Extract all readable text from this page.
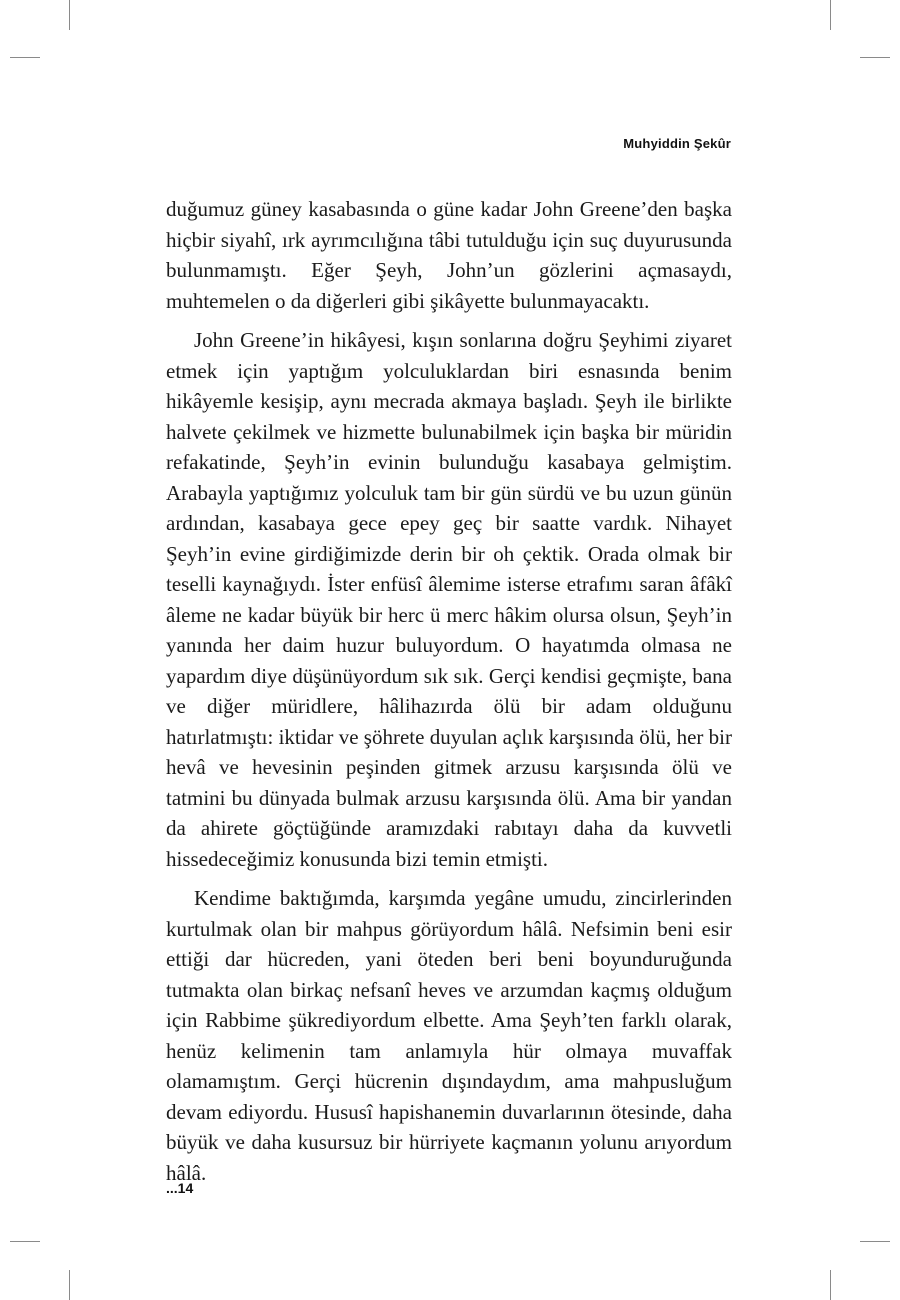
Muhyiddin Şekûr

duğumuz güney kasabasında o güne kadar John Greene’den başka hiçbir siyahî, ırk ayrımcılığına tâbi tutulduğu için suç duyurusunda bulunmamıştı. Eğer Şeyh, John’un gözlerini açmasaydı, muhtemelen o da diğerleri gibi şikâyette bulunmayacaktı.

John Greene’in hikâyesi, kışın sonlarına doğru Şeyhimi ziyaret etmek için yaptığım yolculuklardan biri esnasında benim hikâyemle kesişip, aynı mecrada akmaya başladı. Şeyh ile birlikte halvete çekilmek ve hizmette bulunabilmek için başka bir müridin refakatinde, Şeyh’in evinin bulunduğu kasabaya gelmiştim. Arabayla yaptığımız yolculuk tam bir gün sürdü ve bu uzun günün ardından, kasabaya gece epey geç bir saatte vardık. Nihayet Şeyh’in evine girdiğimizde derin bir oh çektik. Orada olmak bir teselli kaynağıydı. İster enfüsî âlemime isterse etrafımı saran âfâkî âleme ne kadar büyük bir herc ü merc hâkim olursa olsun, Şeyh’in yanında her daim huzur buluyordum. O hayatımda olmasa ne yapardım diye düşünüyordum sık sık. Gerçi kendisi geçmişte, bana ve diğer müridlere, hâlihazırda ölü bir adam olduğunu hatırlatmıştı: iktidar ve şöhrete duyulan açlık karşısında ölü, her bir hevâ ve hevesinin peşinden gitmek arzusu karşısında ölü ve tatmini bu dünyada bulmak arzusu karşısında ölü. Ama bir yandan da ahirete göçtüğünde aramızdaki rabıtayı daha da kuvvetli hissedeceğimiz konusunda bizi temin etmişti.

Kendime baktığımda, karşımda yegâne umudu, zincirlerinden kurtulmak olan bir mahpus görüyordum hâlâ. Nefsimin beni esir ettiği dar hücreden, yani öteden beri beni boyunduruğunda tutmakta olan birkaç nefsanî heves ve arzumdan kaçmış olduğum için Rabbime şükrediyordum elbette. Ama Şeyh’ten farklı olarak, henüz kelimenin tam anlamıyla hür olmaya muvaffak olamamıştım. Gerçi hücrenin dışındaydım, ama mahpusluğum devam ediyordu. Hususî hapishanemin duvarlarının ötesinde, daha büyük ve daha kusursuz bir hürriyete kaçmanın yolunu arıyordum hâlâ.

...14
